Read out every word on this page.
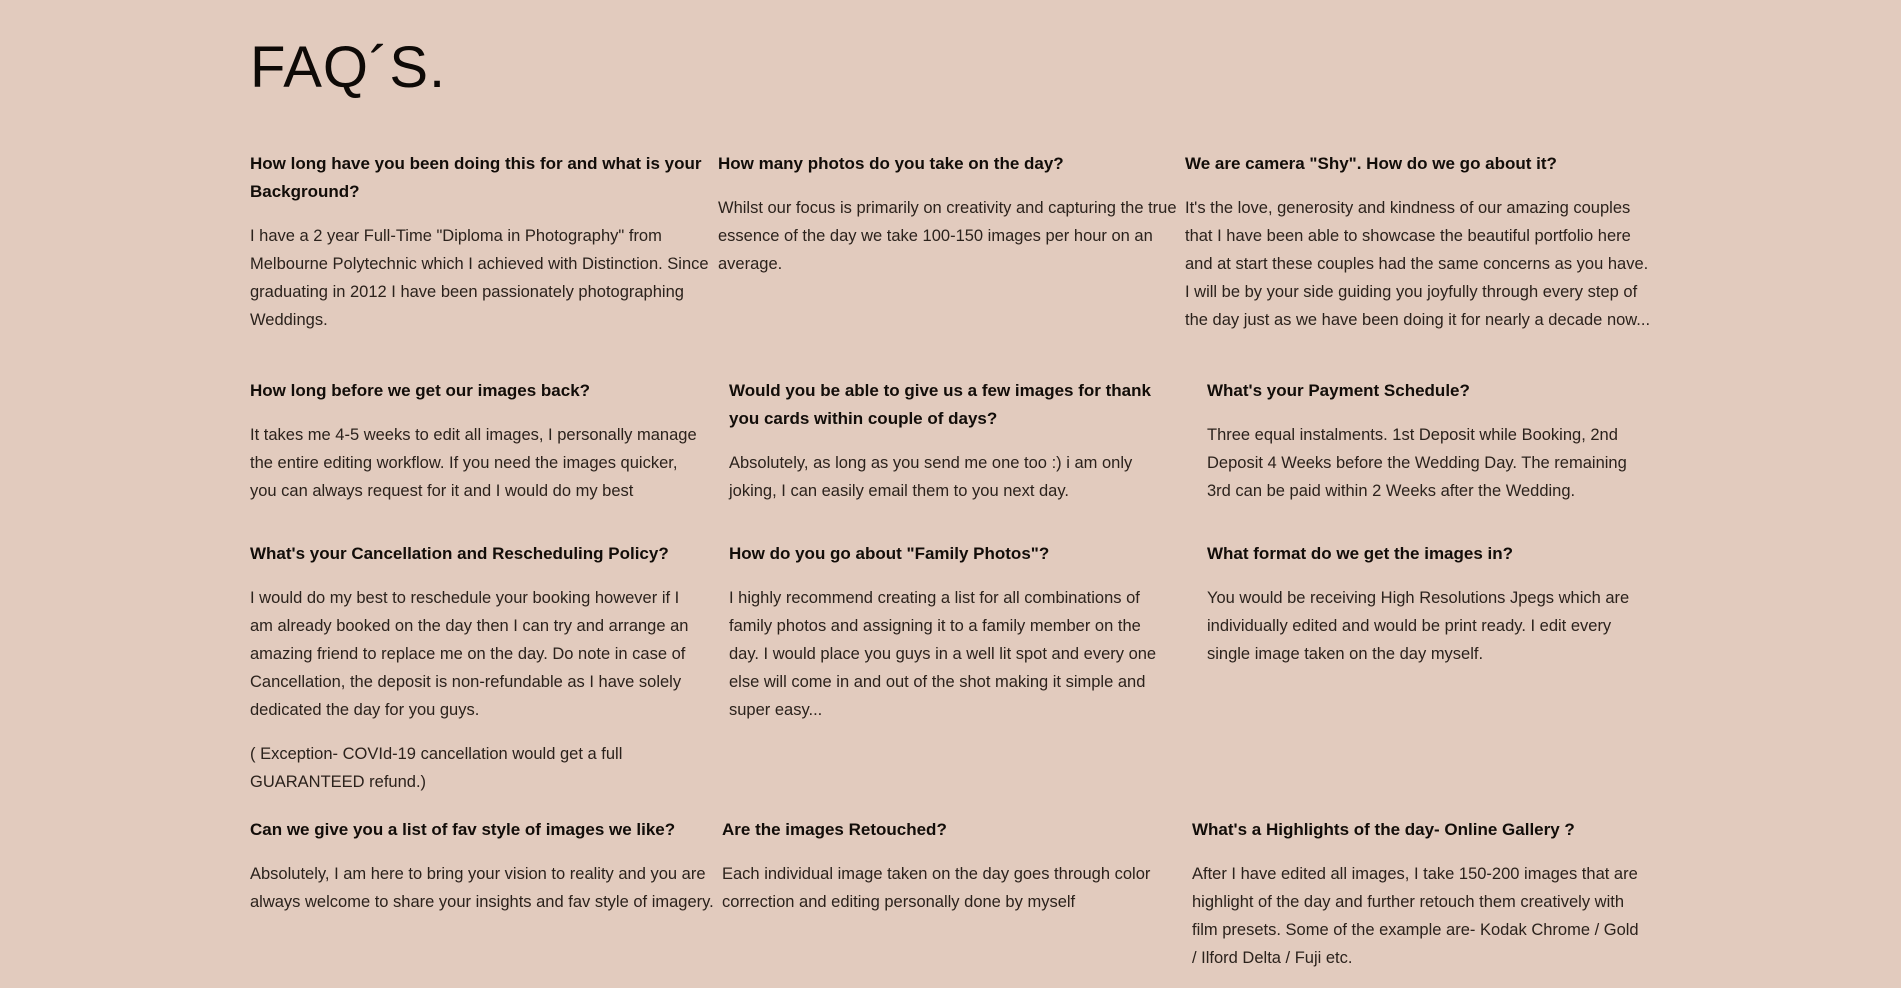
FAQ´S.

How long have you been doing this for and what is your Background?

I have a 2 year Full-Time "Diploma in Photography" from Melbourne Polytechnic which I achieved with Distinction. Since graduating in 2012 I have been passionately photographing Weddings.

How many photos do you take on the day?

Whilst our focus is primarily on creativity and capturing the true essence of the day we take 100-150 images per hour on an average.

We are camera "Shy". How do we go about it?

It's the love, generosity and kindness of our amazing couples that I have been able to showcase the beautiful portfolio here and at start these couples had the same concerns as you have. I will be by your side guiding you joyfully through every step of the day just as we have been doing it for nearly a decade now...

How long before we get our images back?

It takes me 4-5 weeks to edit all images, I personally manage the entire editing workflow. If you need the images quicker, you can always request for it and I would do my best

Would you be able to give us a few images for thank you cards within couple of days?

Absolutely, as long as you send me one too :) i am only joking, I can easily email them to you next day.

What's your Payment Schedule?

Three equal instalments. 1st Deposit while Booking, 2nd Deposit 4 Weeks before the Wedding Day. The remaining 3rd can be paid within 2 Weeks after the Wedding.

What's your Cancellation and Rescheduling Policy?

I would do my best to reschedule your booking however if I am already booked on the day then I can try and arrange an amazing friend to replace me on the day. Do note in case of Cancellation, the deposit is non-refundable as I have solely dedicated the day for you guys.

( Exception- COVId-19 cancellation would get a full GUARANTEED refund.)

How do you go about "Family Photos"?

I highly recommend creating a list for all combinations of family photos and assigning it to a family member on the day. I would place you guys in a well lit spot and every one else will come in and out of the shot making it simple and super easy...

What format do we get the images in?

You would be receiving High Resolutions Jpegs which are individually edited and would be print ready. I edit every single image taken on the day myself.

Can we give you a list of fav style of images we like?

Absolutely, I am here to bring your vision to reality and you are always welcome to share your insights and fav style of imagery.

Are the images Retouched?

Each individual image taken on the day goes through color correction and editing personally done by myself

What's a Highlights of the day- Online Gallery ?

After I have edited all images, I take 150-200 images that are highlight of the day and further retouch them creatively with film presets. Some of the example are- Kodak Chrome / Gold / Ilford Delta / Fuji etc.
